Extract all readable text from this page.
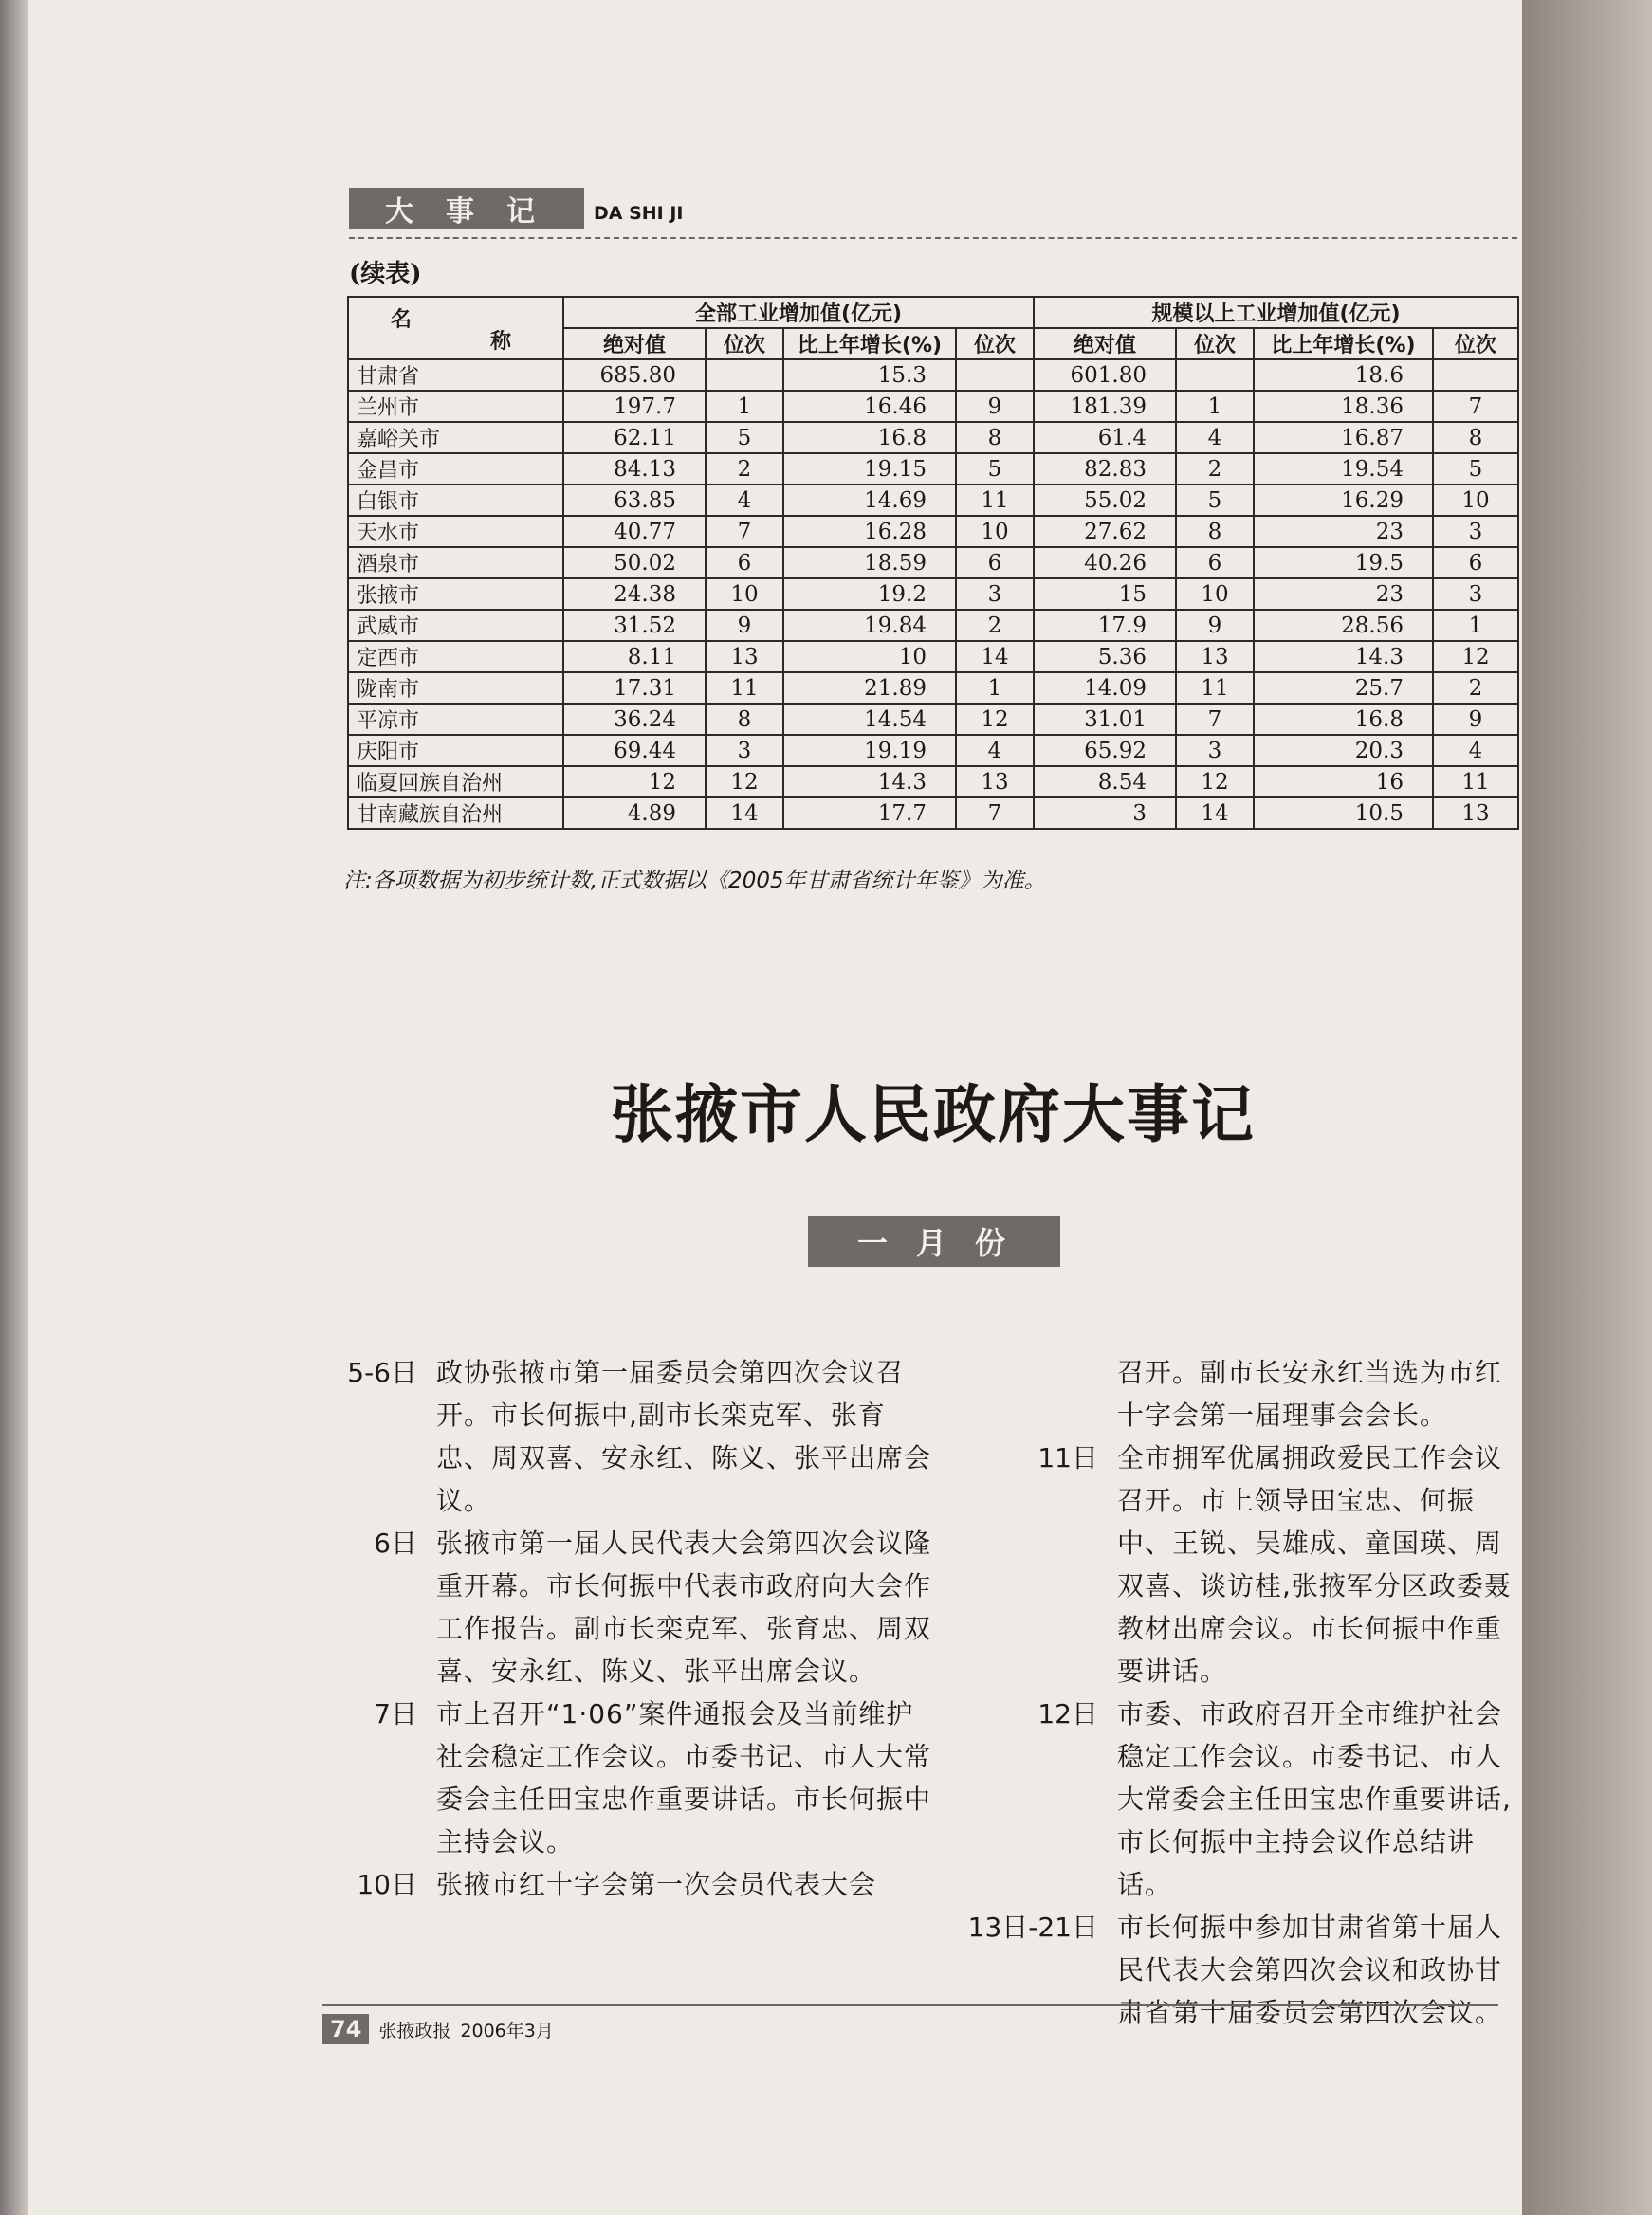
大事记	DA SHI JI
(续表)
名
称	全部工业增加值(亿元)				规模以上工业增加值(亿元)			
	绝对值	位次	比上年增长(%)	位次	绝对值	位次	比上年增长(%)	位次
甘肃省	685.80		15.3		601.80		18.6	
兰州市	197.7	1	16.46	9	181.39	1	18.36	7
嘉峪关市	62.11	5	16.8	8	61.4	4	16.87	8
金昌市	84.13	2	19.15	5	82.83	2	19.54	5
白银市	63.85	4	14.69	11	55.02	5	16.29	10
天水市	40.77	7	16.28	10	27.62	8	23	3
酒泉市	50.02	6	18.59	6	40.26	6	19.5	6
张掖市	24.38	10	19.2	3	15	10	23	3
武威市	31.52	9	19.84	2	17.9	9	28.56	1
定西市	8.11	13	10	14	5.36	13	14.3	12
陇南市	17.31	11	21.89	1	14.09	11	25.7	2
平凉市	36.24	8	14.54	12	31.01	7	16.8	9
庆阳市	69.44	3	19.19	4	65.92	3	20.3	4
临夏回族自治州	12	12	14.3	13	8.54	12	16	11
甘南藏族自治州	4.89	14	17.7	7	3	14	10.5	13
注:各项数据为初步统计数,正式数据以《2005年甘肃省统计年鉴》为准。
张掖市人民政府大事记
一月份
5-6日 政协张掖市第一届委员会第四次会议召开。市长何振中,副市长栾克军、张育忠、周双喜、安永红、陈义、张平出席会议。
6日 张掖市第一届人民代表大会第四次会议隆重开幕。市长何振中代表市政府向大会作工作报告。副市长栾克军、张育忠、周双喜、安永红、陈义、张平出席会议。
7日 市上召开“1·06”案件通报会及当前维护社会稳定工作会议。市委书记、市人大常委会主任田宝忠作重要讲话。市长何振中主持会议。
10日 张掖市红十字会第一次会员代表大会
召开。副市长安永红当选为市红十字会第一届理事会会长。
11日 全市拥军优属拥政爱民工作会议召开。市上领导田宝忠、何振中、王锐、吴雄成、童国瑛、周双喜、谈访桂,张掖军分区政委聂教材出席会议。市长何振中作重要讲话。
12日 市委、市政府召开全市维护社会稳定工作会议。市委书记、市人大常委会主任田宝忠作重要讲话,市长何振中主持会议作总结讲话。
13日-21日 市长何振中参加甘肃省第十届人民代表大会第四次会议和政协甘肃省第十届委员会第四次会议。
74 张掖政报 2006年3月
